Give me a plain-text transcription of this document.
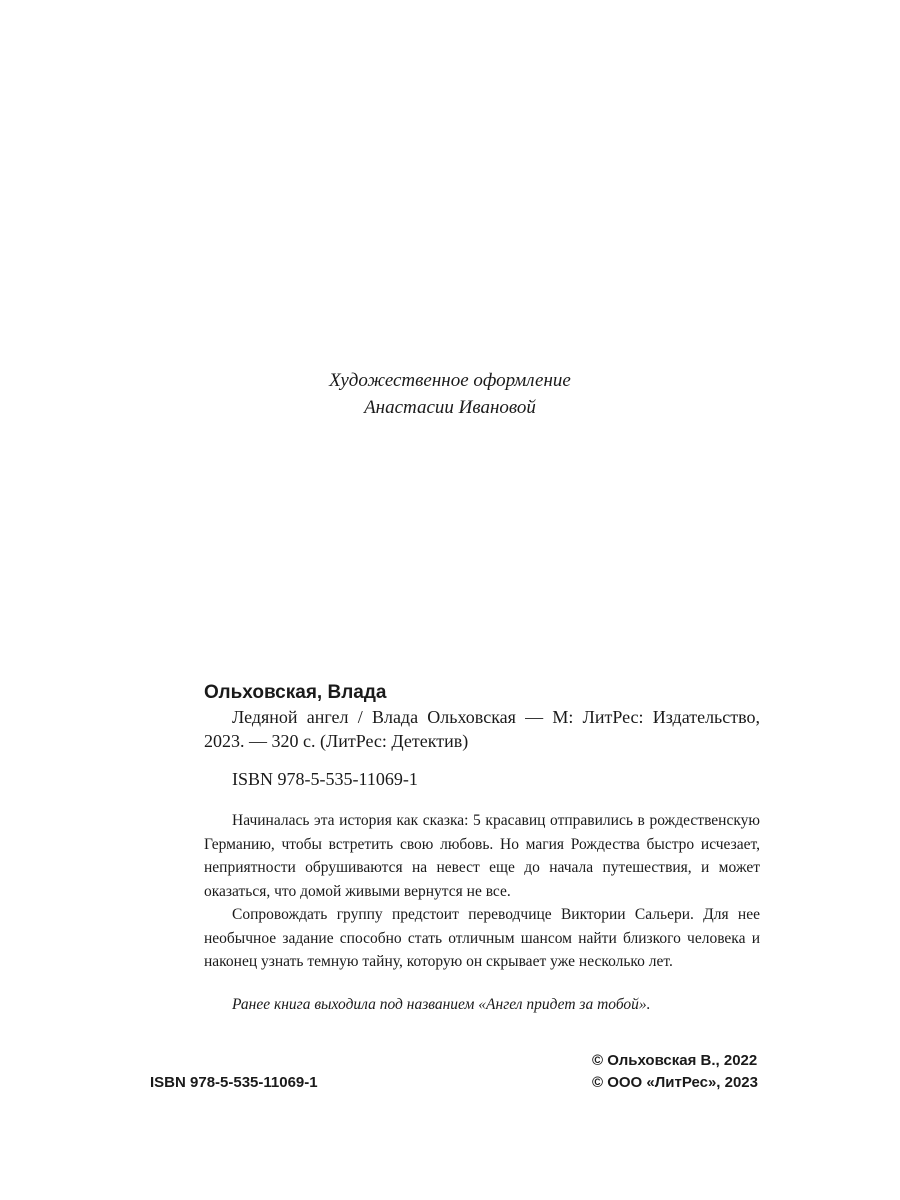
Художественное оформление
Анастасии Ивановой
Ольховская, Влада

Ледяной ангел / Влада Ольховская — М: ЛитРес: Издательство, 2023. — 320 с. (ЛитРес: Детектив)

ISBN 978-5-535-11069-1

Начиналась эта история как сказка: 5 красавиц отправились в рождественскую Германию, чтобы встретить свою любовь. Но магия Рождества быстро исчезает, неприятности обрушиваются на невест еще до начала путешествия, и может оказаться, что домой живыми вернутся не все.

Сопровождать группу предстоит переводчице Виктории Сальери. Для нее необычное задание способно стать отличным шансом найти близкого человека и наконец узнать темную тайну, которую он скрывает уже несколько лет.

Ранее книга выходила под названием «Ангел придет за тобой».
ISBN 978-5-535-11069-1
© Ольховская В., 2022
© ООО «ЛитРес», 2023
